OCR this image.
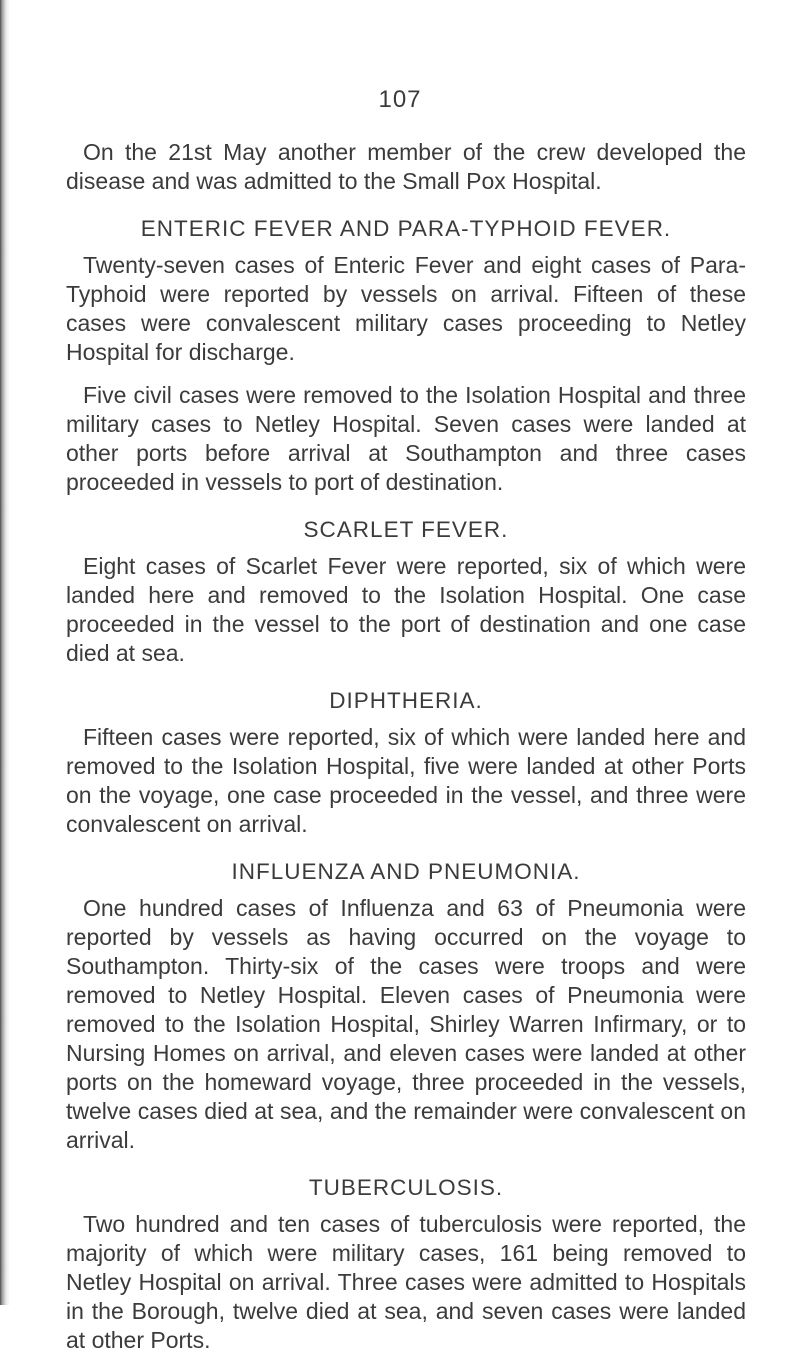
107

On the 21st May another member of the crew developed the disease and was admitted to the Small Pox Hospital.

ENTERIC FEVER AND PARA-TYPHOID FEVER.

Twenty-seven cases of Enteric Fever and eight cases of Para-Typhoid were reported by vessels on arrival. Fifteen of these cases were convalescent military cases proceeding to Netley Hospital for discharge.

Five civil cases were removed to the Isolation Hospital and three military cases to Netley Hospital. Seven cases were landed at other ports before arrival at Southampton and three cases proceeded in vessels to port of destination.

SCARLET FEVER.

Eight cases of Scarlet Fever were reported, six of which were landed here and removed to the Isolation Hospital. One case proceeded in the vessel to the port of destination and one case died at sea.

DIPHTHERIA.

Fifteen cases were reported, six of which were landed here and removed to the Isolation Hospital, five were landed at other Ports on the voyage, one case proceeded in the vessel, and three were convalescent on arrival.

INFLUENZA AND PNEUMONIA.

One hundred cases of Influenza and 63 of Pneumonia were reported by vessels as having occurred on the voyage to Southampton. Thirty-six of the cases were troops and were removed to Netley Hospital. Eleven cases of Pneumonia were removed to the Isolation Hospital, Shirley Warren Infirmary, or to Nursing Homes on arrival, and eleven cases were landed at other ports on the homeward voyage, three proceeded in the vessels, twelve cases died at sea, and the remainder were convalescent on arrival.

TUBERCULOSIS.

Two hundred and ten cases of tuberculosis were reported, the majority of which were military cases, 161 being removed to Netley Hospital on arrival. Three cases were admitted to Hospitals in the Borough, twelve died at sea, and seven cases were landed at other Ports.
